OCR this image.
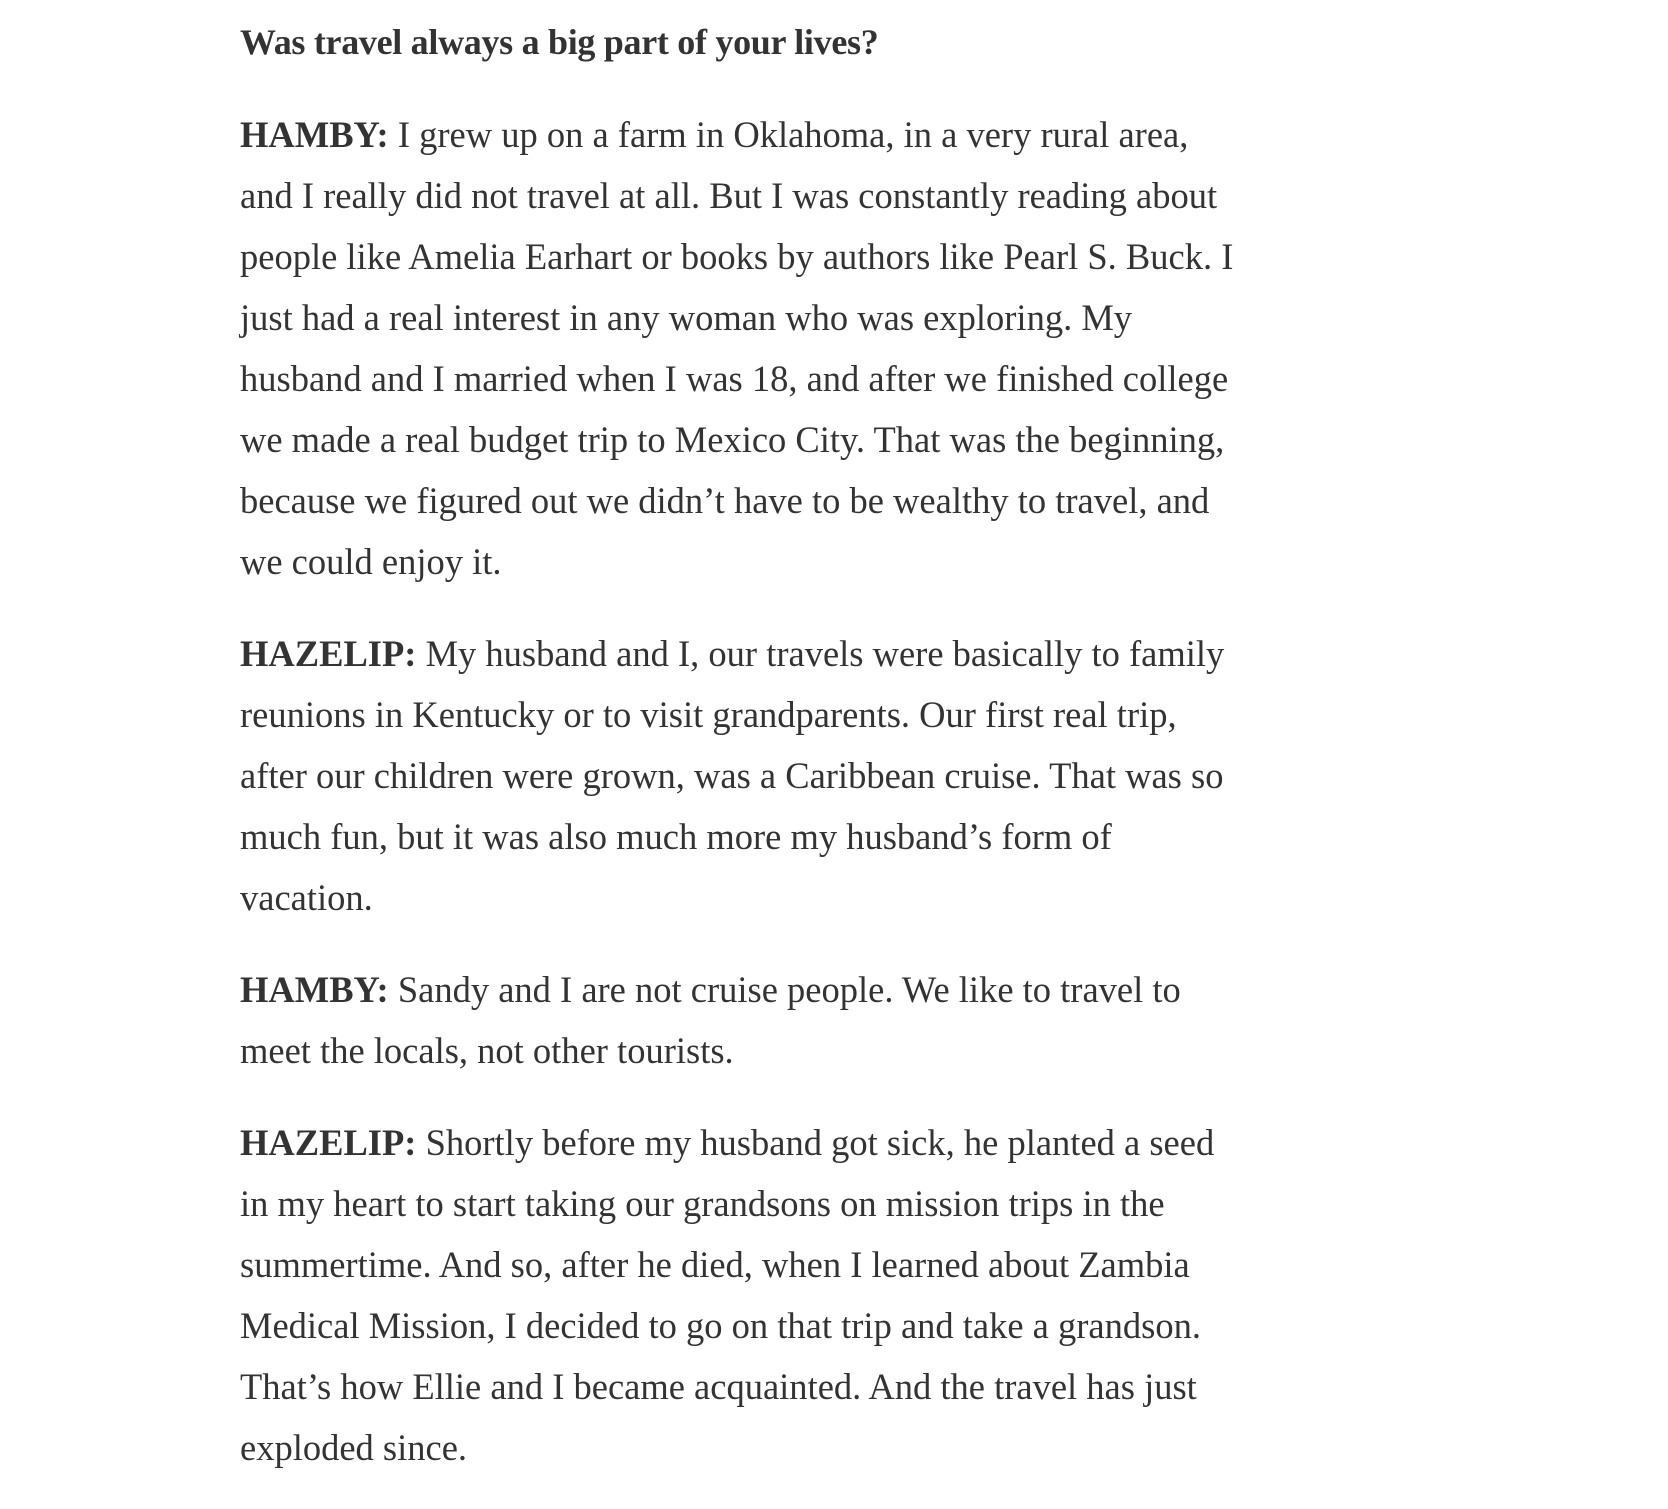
Was travel always a big part of your lives?

HAMBY: I grew up on a farm in Oklahoma, in a very rural area,
and I really did not travel at all. But I was constantly reading about
people like Amelia Earhart or books by authors like Pearl S. Buck. I
just had a real interest in any woman who was exploring. My
husband and I married when I was 18, and after we finished college
we made a real budget trip to Mexico City. That was the beginning,
because we figured out we didn’t have to be wealthy to travel, and
we could enjoy it.

HAZELIP: My husband and I, our travels were basically to family
reunions in Kentucky or to visit grandparents. Our first real trip,
after our children were grown, was a Caribbean cruise. That was so
much fun, but it was also much more my husband’s form of
vacation.

HAMBY: Sandy and I are not cruise people. We like to travel to
meet the locals, not other tourists.

HAZELIP: Shortly before my husband got sick, he planted a seed
in my heart to start taking our grandsons on mission trips in the
summertime. And so, after he died, when I learned about Zambia
Medical Mission, I decided to go on that trip and take a grandson.
That’s how Ellie and I became acquainted. And the travel has just
exploded since.
